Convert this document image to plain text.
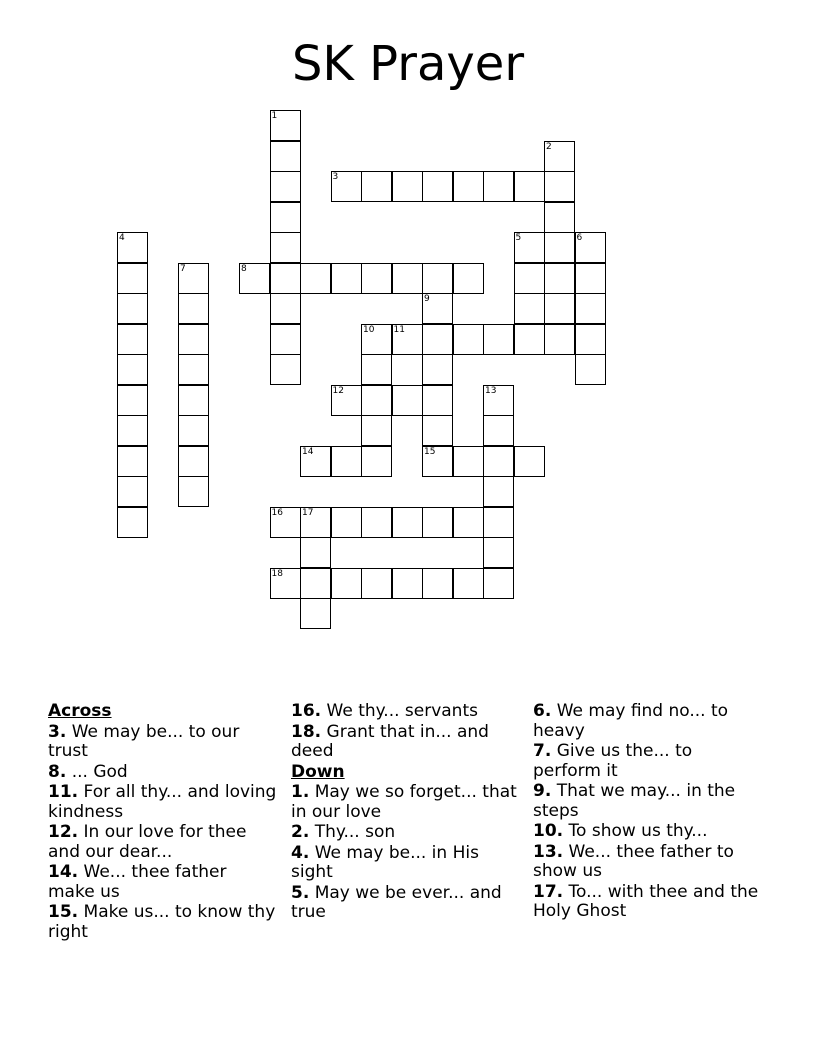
SK Prayer
1
2
3
4	5	6
7	8
9
10 11
12	13
14	15
16 17
18
Across
3. We may be... to our trust
8. ... God
11. For all thy... and loving kindness
12. In our love for thee and our dear...
14. We... thee father make us
15. Make us... to know thy right
16. We thy... servants
18. Grant that in... and deed
Down
1. May we so forget... that in our love
2. Thy... son
4. We may be... in His sight
5. May we be ever... and true
6. We may find no... to heavy
7. Give us the... to perform it
9. That we may... in the steps
10. To show us thy...
13. We... thee father to show us
17. To... with thee and the Holy Ghost
